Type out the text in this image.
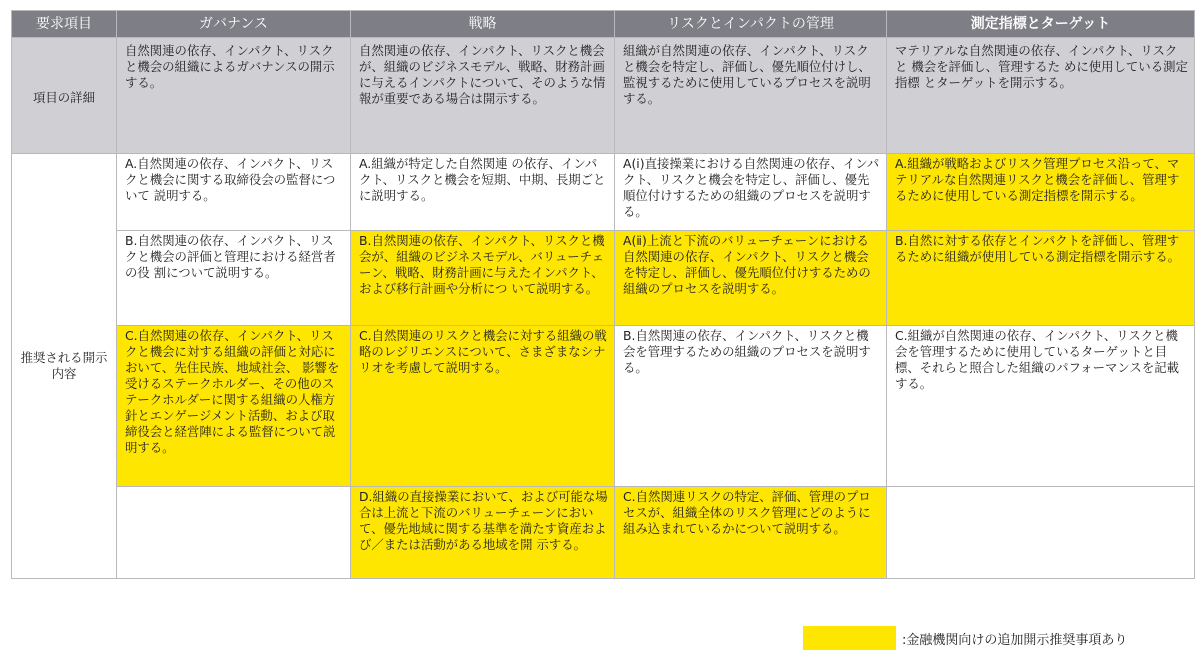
要求項目	ガバナンス	戦略	リスクとインパクトの管理	測定指標とターゲット
項目の詳細	自然関連の依存、インパクト、リスクと機会の組織によるガバナンスの開示する。	自然関連の依存、インパクト、リスクと機会が、組織のビジネスモデル、戦略、財務計画に与えるインパクトについて、そのような情報が重要である場合は開示する。	組織が自然関連の依存、インパクト、リスクと機会を特定し、評価し、優先順位付けし、監視するために使用しているプロセスを説明する。	マテリアルな自然関連の依存、インパクト、リスクと 機会を評価し、管理するた めに使用している測定指標 とターゲットを開示する。
推奨される開示内容	A.自然関連の依存、インパクト、リスクと機会に関する取締役会の監督について 説明する。	A.組織が特定した自然関連 の依存、インパクト、リスクと機会を短期、中期、長期ごとに説明する。	A(ⅰ)直接操業における自然関連の依存、インパクト、リスクと機会を特定し、評価し、優先順位付けするための組織のプロセスを説明する。	A.組織が戦略およびリスク管理プロセス沿って、マテリアルな自然関連リスクと機会を評価し、管理するために使用している測定指標を開示する。
	B.自然関連の依存、インパクト、リスクと機会の評価と管理における経営者の役 割について説明する。	B.自然関連の依存、インパクト、リスクと機会が、組織のビジネスモデル、バリューチェーン、戦略、財務計画に与えたインパクト、および移行計画や分析につ いて説明する。	A(ⅱ)上流と下流のバリューチェーンにおける自然関連の依存、インパクト、リスクと機会を特定し、評価し、優先順位付けするための組織のプロセスを説明する。	B.自然に対する依存とインパクトを評価し、管理するために組織が使用している測定指標を開示する。
	C.自然関連の依存、インパクト、リスクと機会に対する組織の評価と対応において、先住民族、地域社会、 影響を受けるステークホルダー、その他のステークホルダーに関する組織の人権方針とエンゲージメント活動、および取締役会と経営陣による監督について説明する。	C.自然関連のリスクと機会に対する組織の戦略のレジリエンスについて、さまざまなシナリオを考慮して説明する。	B.自然関連の依存、インパクト、リスクと機会を管理するための組織のプロセスを説明する。	C.組織が自然関連の依存、インパクト、リスクと機会を管理するために使用しているターゲットと目標、それらと照合した組織のパフォーマンスを記載する。
		D.組織の直接操業において、および可能な場合は上流と下流のバリューチェーンにおいて、優先地域に関する基準を満たす資産および／または活動がある地域を開 示する。	C.自然関連リスクの特定、評価、管理のプロセスが、組織全体のリスク管理にどのように組み込まれているかについて説明する。	
:金融機関向けの追加開示推奨事項あり
